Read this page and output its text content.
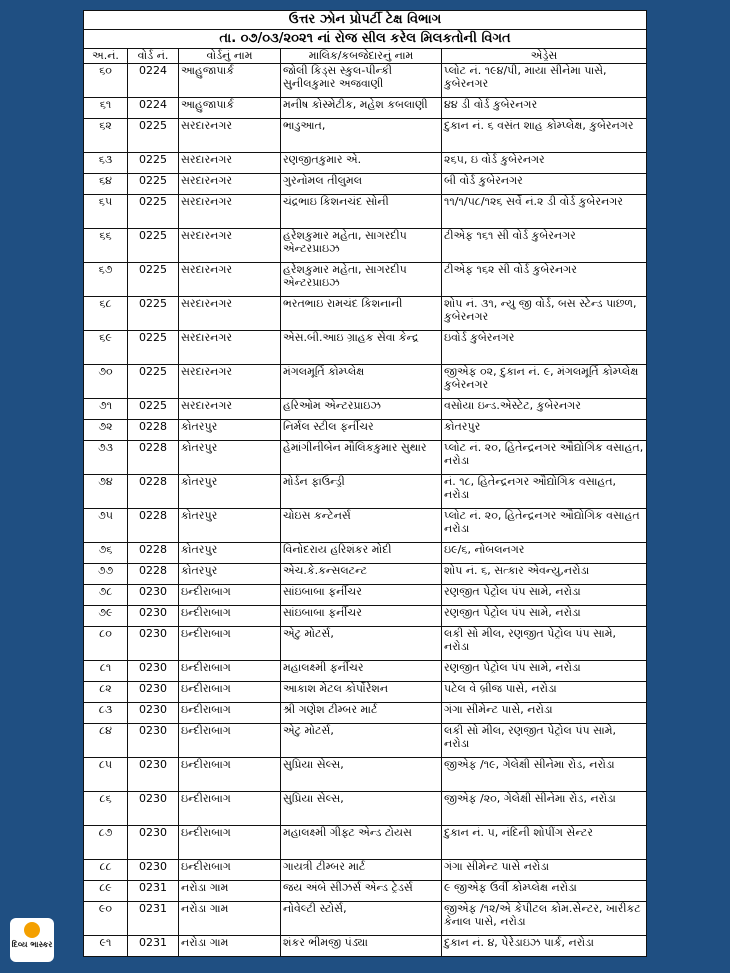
ઉત્તર ઝોન પ્રોપર્ટી ટેક્ષ વિભાગ				
તા. ૦૭/૦૩/૨૦૨૧ નાં રોજ સીલ કરેલ મિલકતોની વિગત				
અ.નં.	વોર્ડ નં.	વોર્ડનું નામ	માલિક/કબજેદારનું નામ	એડ્રેસ
૬૦	0224	આહુજાપાર્ક	જોલી કિડ્સ સ્કુલ-પીન્કી સુનીલકુમાર અજવાણી	પ્લોટ નં. ૧૯૪/પી, માયા સીનેમા પાસે, કુબેરનગર
૬૧	0224	આહુજાપાર્ક	મનીષ કોસ્મેટીક, મહેશ કબલાણી	૪૪ ડી વોર્ડ કુબેરનગર
૬૨	0225	સરદારનગર	ભાડુઆત,	દુકાન નં. ૬ વસંત શાહ કોમ્પ્લેક્ષ, કુબેરનગર
૬૩	0225	સરદારનગર	રણજીતકુમાર એ.	૨૬૫, ઇ વોર્ડ કુબેરનગર
૬૪	0225	સરદારનગર	ગુરનોમલ તીલુમલ	બી વોર્ડ કુબેરનગર
૬૫	0225	સરદારનગર	ચંદ્રભાઇ કિશનચંદ સોની	૧૧/૧/૫૮/૧૨૬ સર્વે નં.૨ ડી વોર્ડ કુબેરનગર
૬૬	0225	સરદારનગર	હરેશકુમાર મહેતા, સાગરદીપ એન્ટરપ્રાઇઝ	ટીએફ ૧૬૧ સી વોર્ડ કુબેરનગર
૬૭	0225	સરદારનગર	હરેશકુમાર મહેતા, સાગરદીપ એન્ટરપ્રાઇઝ	ટીએફ ૧૬૨ સી વોર્ડ કુબેરનગર
૬૮	0225	સરદારનગર	ભરતભાઇ રામચંદ કિશનાની	શોપ નં. ૩૧, ન્યુ જી વોર્ડ, બસ સ્ટેન્ડ પાછળ, કુબેરનગર
૬૯	0225	સરદારનગર	એસ.બી.આઇ ગ્રાહક સેવા કેન્દ્ર	ઇવોર્ડ કુબેરનગર
૭૦	0225	સરદારનગર	મંગલમૂર્તિ કોમ્પ્લેક્ષ	જીએફ ૦૨, દુકાન નં. ૯, મંગલમૂર્તિ કોમ્પ્લેક્ષ કુબેરનગર
૭૧	0225	સરદારનગર	હરિઓમ એન્ટરપ્રાઇઝ	વસોયા ઇન્ડ.એસ્ટેટ, કુબેરનગર
૭૨	0228	કોતરપુર	નિર્મલ સ્ટીલ ફર્નીચર	કોતરપુર
૭૩	0228	કોતરપુર	હેમાંગીનીબેન મૌલિકકુમાર સુથાર	પ્લોટ નં. ૨૦, હિતેન્દ્રનગર ઔદ્યોગિક વસાહત, નરોડા
૭૪	0228	કોતરપુર	મોર્ડન ફાઉન્ડ્રી	નં. ૧૮, હિતેન્દ્રનગર ઔદ્યોગિક વસાહત, નરોડા
૭૫	0228	કોતરપુર	ચોઇસ કન્ટેનર્સ	પ્લોટ નં. ૨૦, હિતેન્દ્રનગર ઔદ્યોગિક વસાહત નરોડા
૭૬	0228	કોતરપુર	વિનોદરાય હરિશંકર મોદી	ઇ૯/૬, નોબલનગર
૭૭	0228	કોતરપુર	એચ.કે.કન્સલટન્ટ	શોપ નં. ૬, સત્કાર એવન્યુ,નરોડા
૭૮	0230	ઇન્દીરાબાગ	સાંઇબાબા ફર્નીચર	રણજીત પેટ્રોલ પંપ સામે, નરોડા
૭૯	0230	ઇન્દીરાબાગ	સાંઇબાબા ફર્નીચર	રણજીત પેટ્રોલ પંપ સામે, નરોડા
૮૦	0230	ઇન્દીરાબાગ	એટુ મોટર્સ,	લકી સો મીલ, રણજીત પેટ્રોલ પંપ સામે, નરોડા
૮૧	0230	ઇન્દીરાબાગ	મહાલક્ષ્મી ફર્નીચર	રણજીત પેટ્રોલ પંપ સામે, નરોડા
૮૨	0230	ઇન્દીરાબાગ	આકાશ મેટલ કોર્પોરેશન	પટેલ વે બ્રીજ પાસે, નરોડા
૮૩	0230	ઇન્દીરાબાગ	શ્રી ગણેશ ટીમ્બર માર્ટ	ગંગા સીમેન્ટ પાસે, નરોડા
૮૪	0230	ઇન્દીરાબાગ	એટુ મોટર્સ,	લકી સો મીલ, રણજીત પેટ્રોલ પંપ સામે, નરોડા
૮૫	0230	ઇન્દીરાબાગ	સુપ્રિયા સેલ્સ,	જીએફ /૧૯, ગેલેક્ષી સીનેમા રોડ, નરોડા
૮૬	0230	ઇન્દીરાબાગ	સુપ્રિયા સેલ્સ,	જીએફ /૨૦, ગેલેક્ષી સીનેમા રોડ, નરોડા
૮૭	0230	ઇન્દીરાબાગ	મહાલક્ષ્મી ગીફ્ટ એન્ડ ટોયસ	દુકાન નં. ૫, નંદિની શોપીંગ સેન્ટર
૮૮	0230	ઇન્દીરાબાગ	ગાયત્રી ટીમ્બર માર્ટ	ગંગા સીમેન્ટ પાસે નરોડા
૮૯	0231	નરોડા ગામ	જય અંબે સીઝર્સ એન્ડ ટ્રેડર્સ	૯ જીએફ ઉર્વી કોમ્પ્લેક્ષ નરોડા
૯૦	0231	નરોડા ગામ	નોવેલ્ટી સ્ટોર્સ,	જીએફ /૧૨/એ કેપીટલ કોમ.સેન્ટર, ખારીકટ કેનાલ પાસે, નરોડા
૯૧	0231	નરોડા ગામ	શંકર ભીમજી પંડ્યા	દુકાન નં. ૪, પેરેડાઇઝ પાર્ક, નરોડા
દિવ્ય ભાસ્કર
